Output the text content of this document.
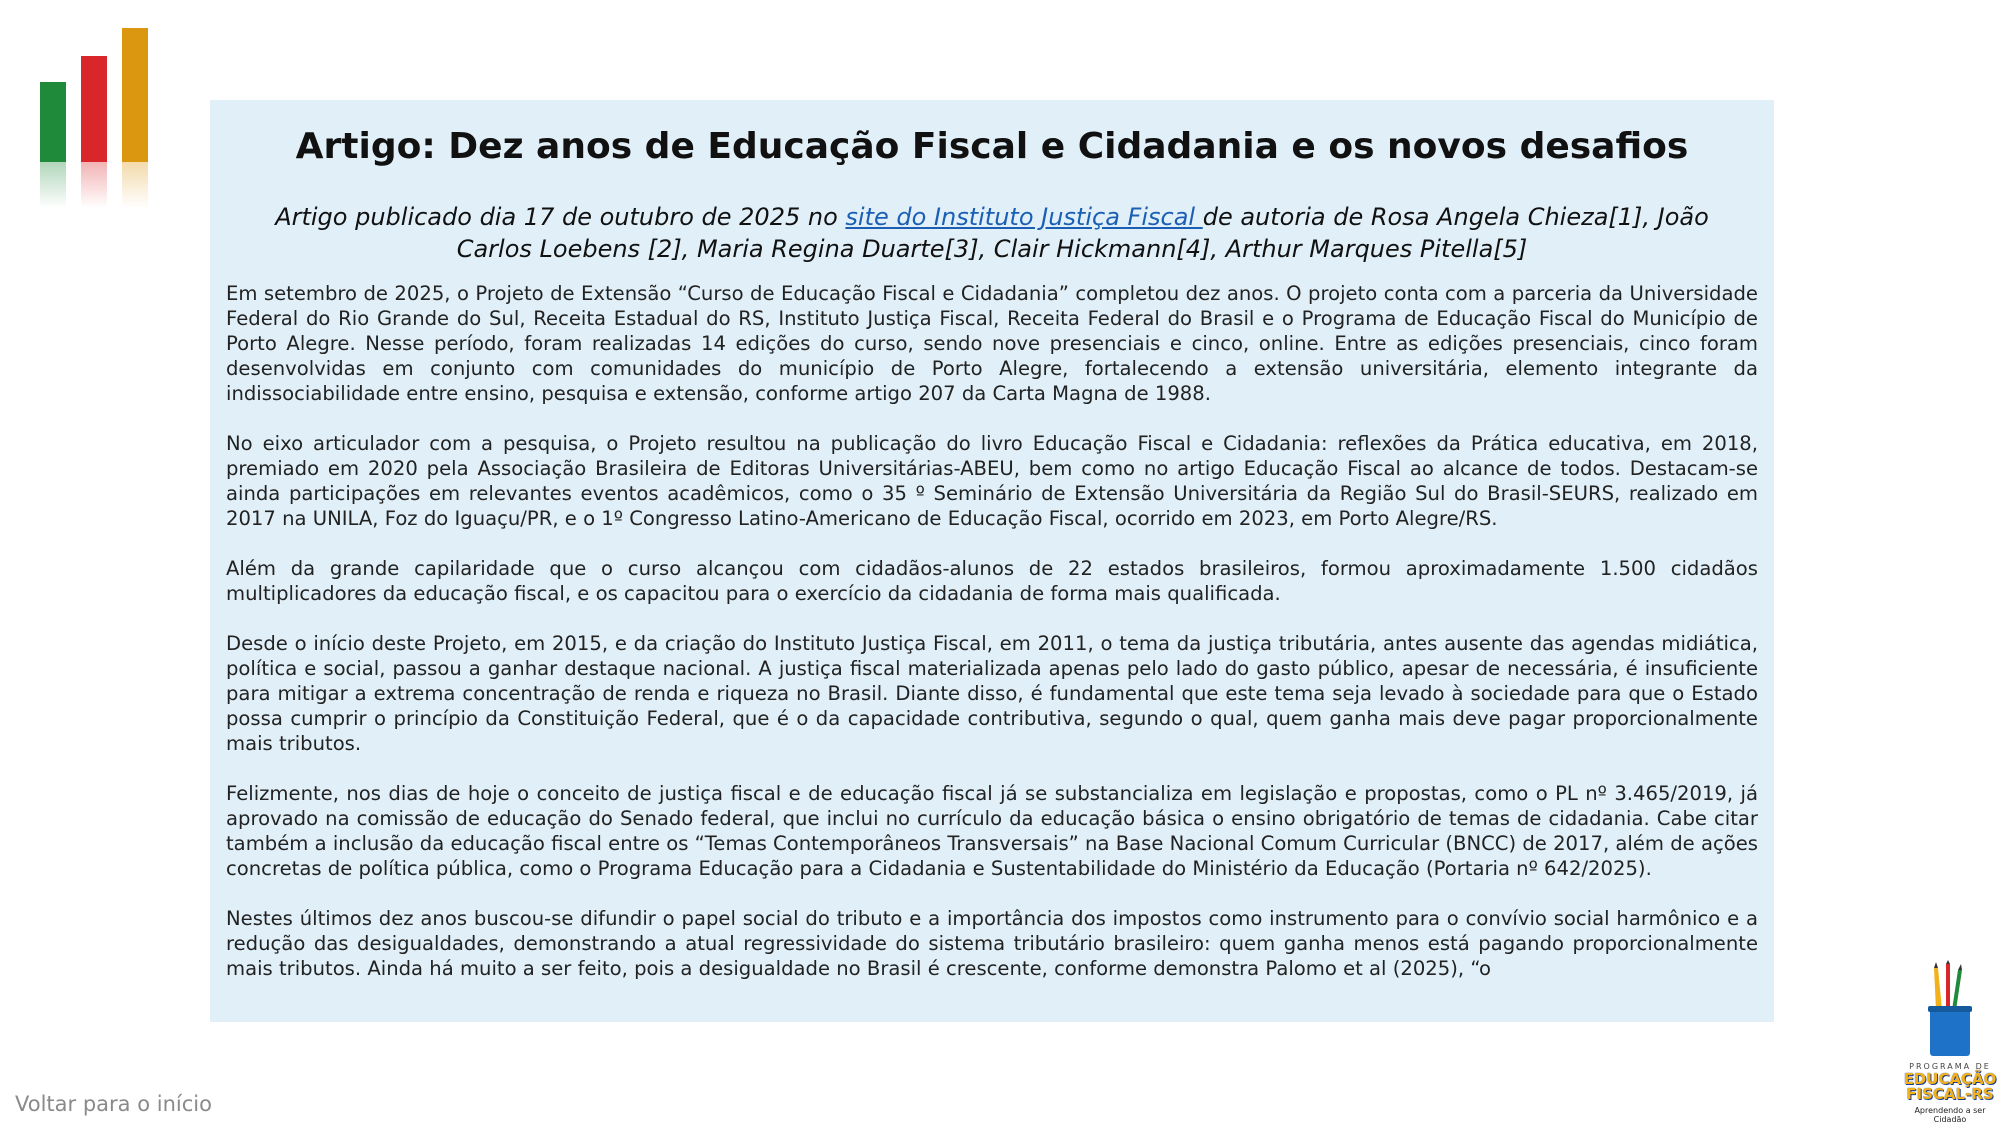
Artigo: Dez anos de Educação Fiscal e Cidadania e os novos desafios

Artigo publicado dia 17 de outubro de 2025 no site do Instituto Justiça Fiscal de autoria de Rosa Angela Chieza[1], João Carlos Loebens [2], Maria Regina Duarte[3], Clair Hickmann[4], Arthur Marques Pitella[5]

Em setembro de 2025, o Projeto de Extensão “Curso de Educação Fiscal e Cidadania” completou dez anos. O projeto conta com a parceria da Universidade Federal do Rio Grande do Sul, Receita Estadual do RS, Instituto Justiça Fiscal, Receita Federal do Brasil e o Programa de Educação Fiscal do Município de Porto Alegre. Nesse período, foram realizadas 14 edições do curso, sendo nove presenciais e cinco, online. Entre as edições presenciais, cinco foram desenvolvidas em conjunto com comunidades do município de Porto Alegre, fortalecendo a extensão universitária, elemento integrante da indissociabilidade entre ensino, pesquisa e extensão, conforme artigo 207 da Carta Magna de 1988.

No eixo articulador com a pesquisa, o Projeto resultou na publicação do livro Educação Fiscal e Cidadania: reflexões da Prática educativa, em 2018, premiado em 2020 pela Associação Brasileira de Editoras Universitárias-ABEU, bem como no artigo Educação Fiscal ao alcance de todos. Destacam-se ainda participações em relevantes eventos acadêmicos, como o 35 º Seminário de Extensão Universitária da Região Sul do Brasil-SEURS, realizado em 2017 na UNILA, Foz do Iguaçu/PR, e o 1º Congresso Latino-Americano de Educação Fiscal, ocorrido em 2023, em Porto Alegre/RS.

Além da grande capilaridade que o curso alcançou com cidadãos-alunos de 22 estados brasileiros, formou aproximadamente 1.500 cidadãos multiplicadores da educação fiscal, e os capacitou para o exercício da cidadania de forma mais qualificada.

Desde o início deste Projeto, em 2015, e da criação do Instituto Justiça Fiscal, em 2011, o tema da justiça tributária, antes ausente das agendas midiática, política e social, passou a ganhar destaque nacional. A justiça fiscal materializada apenas pelo lado do gasto público, apesar de necessária, é insuficiente para mitigar a extrema concentração de renda e riqueza no Brasil. Diante disso, é fundamental que este tema seja levado à sociedade para que o Estado possa cumprir o princípio da Constituição Federal, que é o da capacidade contributiva, segundo o qual, quem ganha mais deve pagar proporcionalmente mais tributos.

Felizmente, nos dias de hoje o conceito de justiça fiscal e de educação fiscal já se substancializa em legislação e propostas, como o PL nº 3.465/2019, já aprovado na comissão de educação do Senado federal, que inclui no currículo da educação básica o ensino obrigatório de temas de cidadania. Cabe citar também a inclusão da educação fiscal entre os “Temas Contemporâneos Transversais” na Base Nacional Comum Curricular (BNCC) de 2017, além de ações concretas de política pública, como o Programa Educação para a Cidadania e Sustentabilidade do Ministério da Educação (Portaria nº 642/2025).

Nestes últimos dez anos buscou-se difundir o papel social do tributo e a importância dos impostos como instrumento para o convívio social harmônico e a redução das desigualdades, demonstrando a atual regressividade do sistema tributário brasileiro: quem ganha menos está pagando proporcionalmente mais tributos. Ainda há muito a ser feito, pois a desigualdade no Brasil é crescente, conforme demonstra Palomo et al (2025), “o

Voltar para o início
PROGRAMA DE
EDUCAÇÃO
FISCAL-RS
Aprendendo a ser Cidadão
